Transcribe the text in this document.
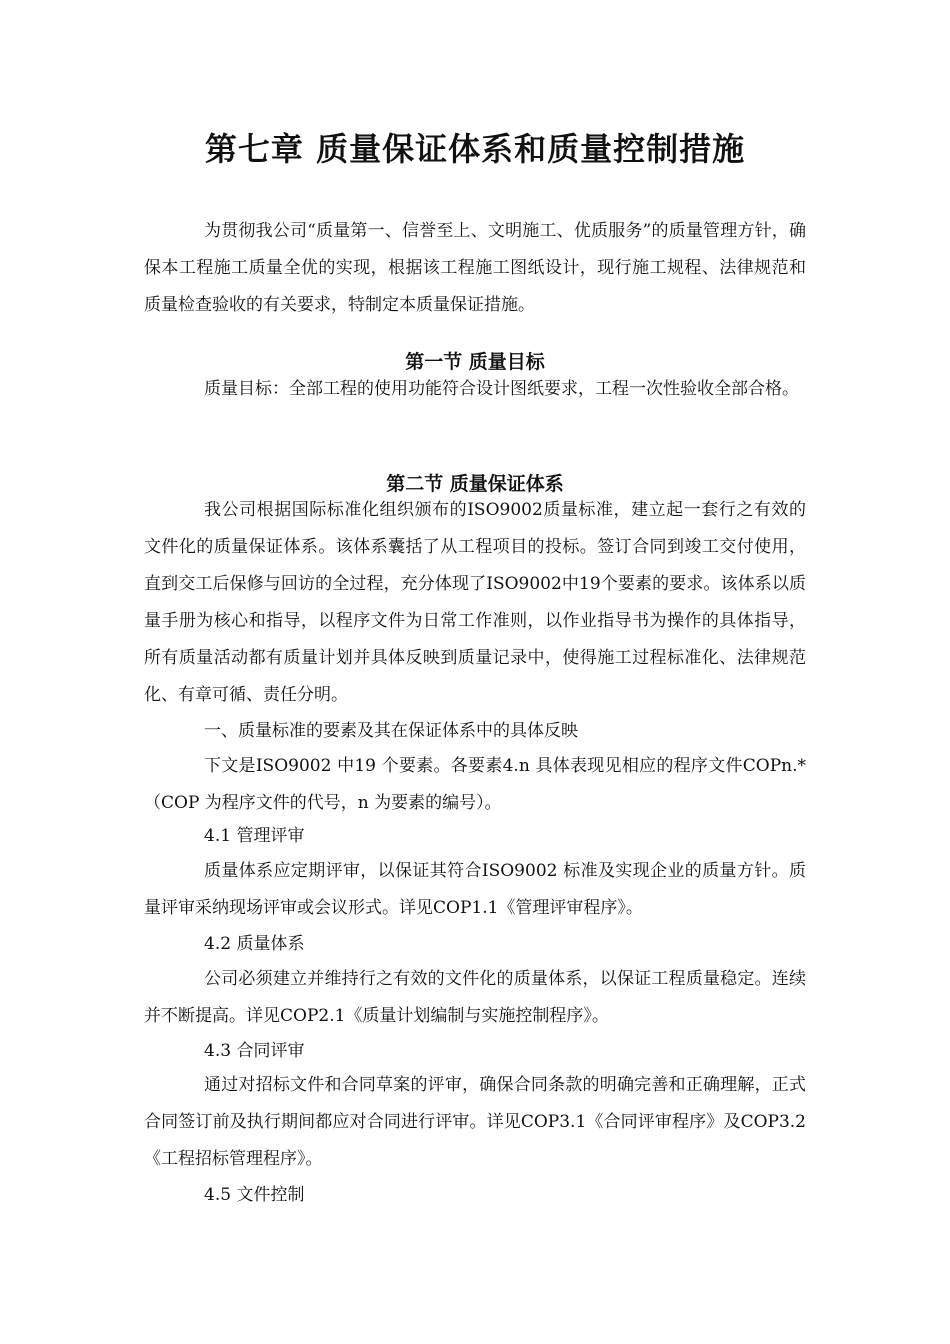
第七章 质量保证体系和质量控制措施

为贯彻我公司“质量第一、信誉至上、文明施工、优质服务”的质量管理方针，确保本工程施工质量全优的实现，根据该工程施工图纸设计，现行施工规程、法律规范和质量检查验收的有关要求，特制定本质量保证措施。

第一节 质量目标

质量目标：全部工程的使用功能符合设计图纸要求，工程一次性验收全部合格。

第二节 质量保证体系

我公司根据国际标准化组织颁布的ISO9002质量标准，建立起一套行之有效的文件化的质量保证体系。该体系囊括了从工程项目的投标。签订合同到竣工交付使用，直到交工后保修与回访的全过程，充分体现了ISO9002中19个要素的要求。该体系以质量手册为核心和指导，以程序文件为日常工作准则，以作业指导书为操作的具体指导，所有质量活动都有质量计划并具体反映到质量记录中，使得施工过程标准化、法律规范化、有章可循、责任分明。

一、质量标准的要素及其在保证体系中的具体反映

下文是ISO9002 中19 个要素。各要素4.n 具体表现见相应的程序文件COPn.*（COP 为程序文件的代号，n 为要素的编号）。

4.1 管理评审

质量体系应定期评审，以保证其符合ISO9002 标准及实现企业的质量方针。质量评审采纳现场评审或会议形式。详见COP1.1《管理评审程序》。

4.2 质量体系

公司必须建立并维持行之有效的文件化的质量体系，以保证工程质量稳定。连续并不断提高。详见COP2.1《质量计划编制与实施控制程序》。

4.3 合同评审

通过对招标文件和合同草案的评审，确保合同条款的明确完善和正确理解，正式合同签订前及执行期间都应对合同进行评审。详见COP3.1《合同评审程序》及COP3.2《工程招标管理程序》。

4.5 文件控制
